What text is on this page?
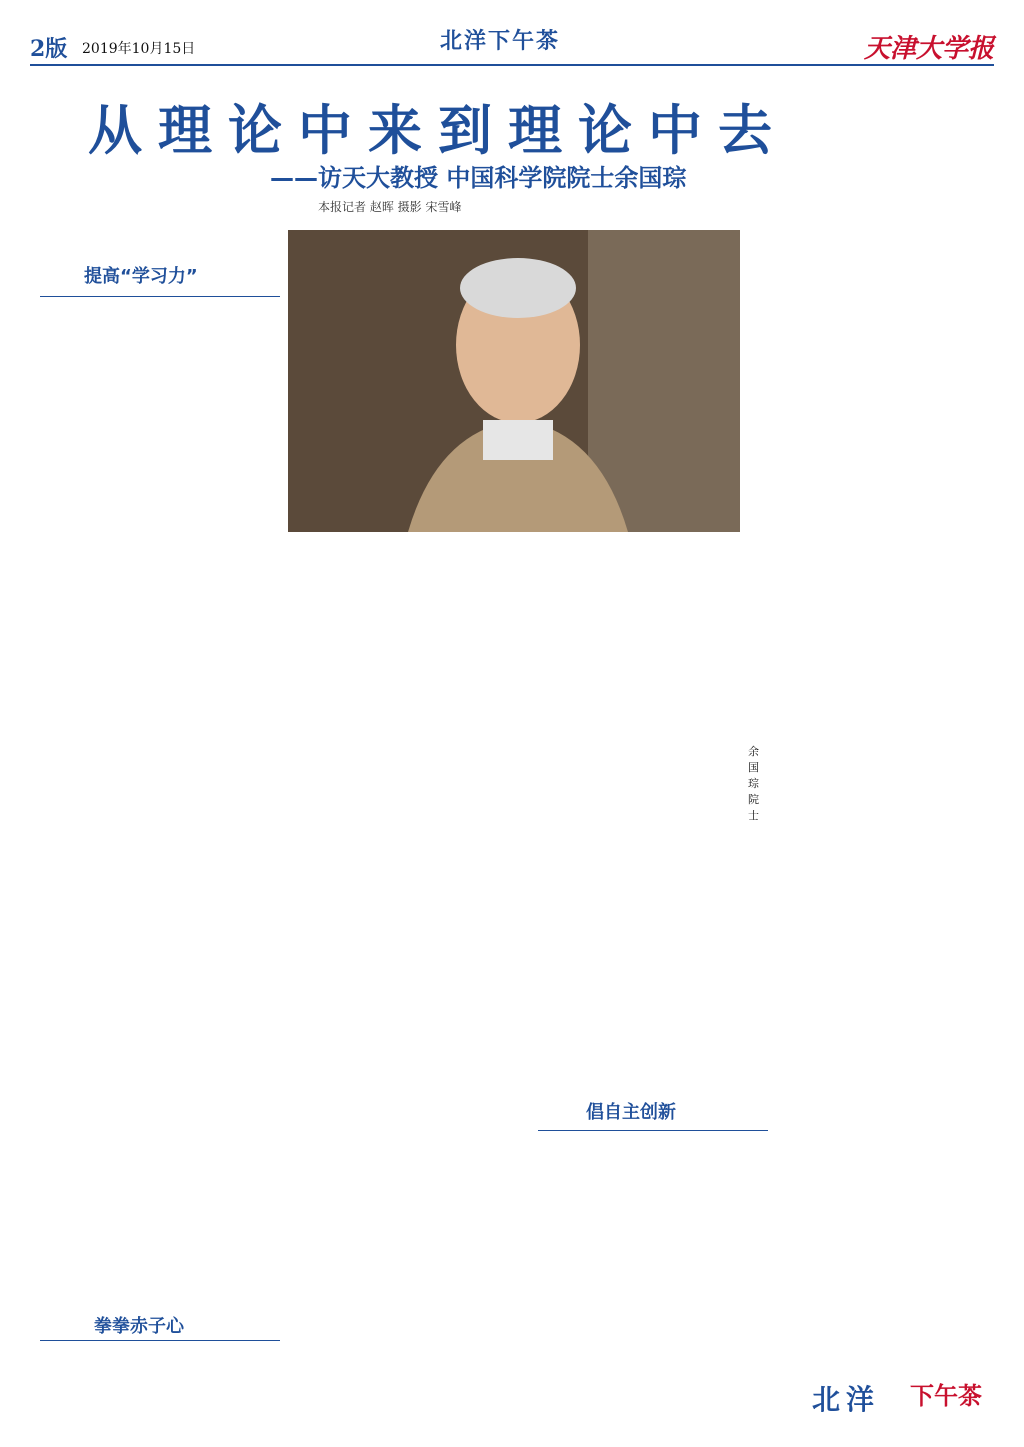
2版 2019年10月15日	北洋下午茶	天津大学报
从理论中来到理论中去
——访天大教授 中国科学院院士余国琮
本报记者 赵晖 摄影 宋雪峰
余国琮院士
提高“学习力”
拳拳赤子心
倡自主创新
北洋 下午茶
